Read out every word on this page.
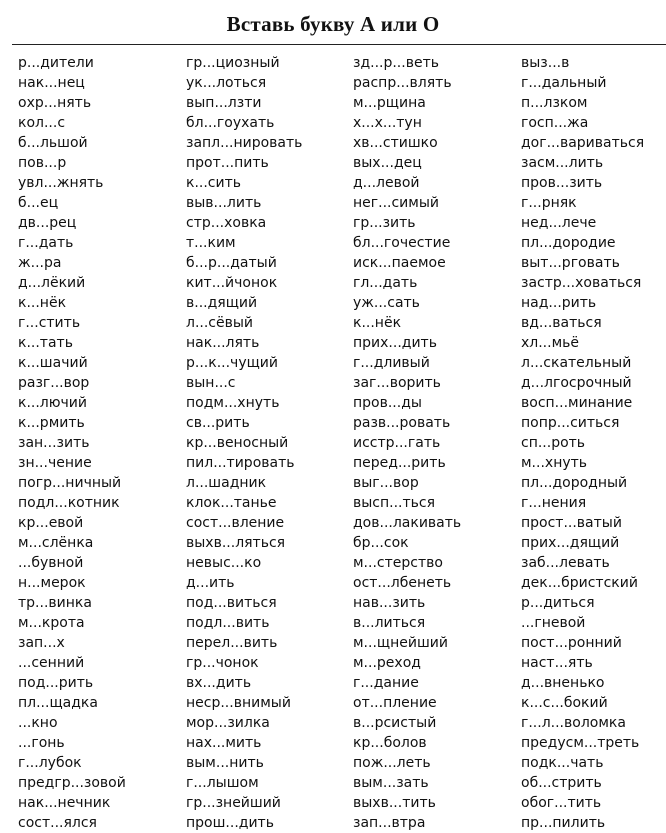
Вставь букву А или О
р...дители
нак...нец
охр...нять
кол...с
б...льшой
пов...р
увл...жнять
б...ец
дв...рец
г...дать
ж...ра
д...лёкий
к...нёк
г...стить
к...тать
к...шачий
разг...вор
к...лючий
к...рмить
зан...зить
зн...чение
погр...ничный
подл...котник
кр...евой
м...слёнка
...бувной
н...мерок
тр...винка
м...крота
зап...х
...сенний
под...рить
пл...щадка
...кно
...гонь
г...лубок
предгр...зовой
нак...нечник
сост...ялся
гр...циозный
ук...лоться
вып...лзти
бл...гоухать
запл...нировать
прот...пить
к...сить
выв...лить
стр...ховка
т...ким
б...р...датый
кит...йчонок
в...дящий
л...сёвый
нак...лять
р...к...чущий
вын...с
подм...хнуть
св...рить
кр...веносный
пил...тировать
л...шадник
клок...танье
сост...вление
выхв...ляться
невыс...ко
д...ить
под...виться
подл...вить
перел...вить
гр...чонок
вх...дить
неср...внимый
мор...зилка
нах...мить
вым...нить
г...лышом
гр...знейший
прош...дить
зд...р...веть
распр...влять
м...рщина
х...х...тун
хв...стишко
вых...дец
д...левой
нег...симый
гр...зить
бл...гочестие
иск...паемое
гл...дать
уж...сать
к...нёк
прих...дить
г...дливый
заг...ворить
пров...ды
разв...ровать
исстр...гать
перед...рить
выг...вор
высп...ться
дов...лакивать
бр...сок
м...стерство
ост...лбенеть
нав...зить
в...литься
м...щнейший
м...реход
г...дание
от...пление
в...рсистый
кр...болов
пож...леть
вым...зать
выхв...тить
зап...втра
выз...в
г...дальный
п...лзком
госп...жа
дог...вариваться
засм...лить
пров...зить
г...рняк
нед...лече
пл...дородие
выт...рговать
застр...ховаться
над...рить
вд...ваться
хл...мьё
л...скательный
д...лгосрочный
восп...минание
попр...ситься
сп...роть
м...хнуть
пл...дородный
г...нения
прост...ватый
прих...дящий
заб...левать
дек...бристский
р...диться
...гневой
пост...ронний
наст...ять
д...вненько
к...с...бокий
г...л...воломка
предусм...треть
подк...чать
об...стрить
обог...тить
пр...пилить
